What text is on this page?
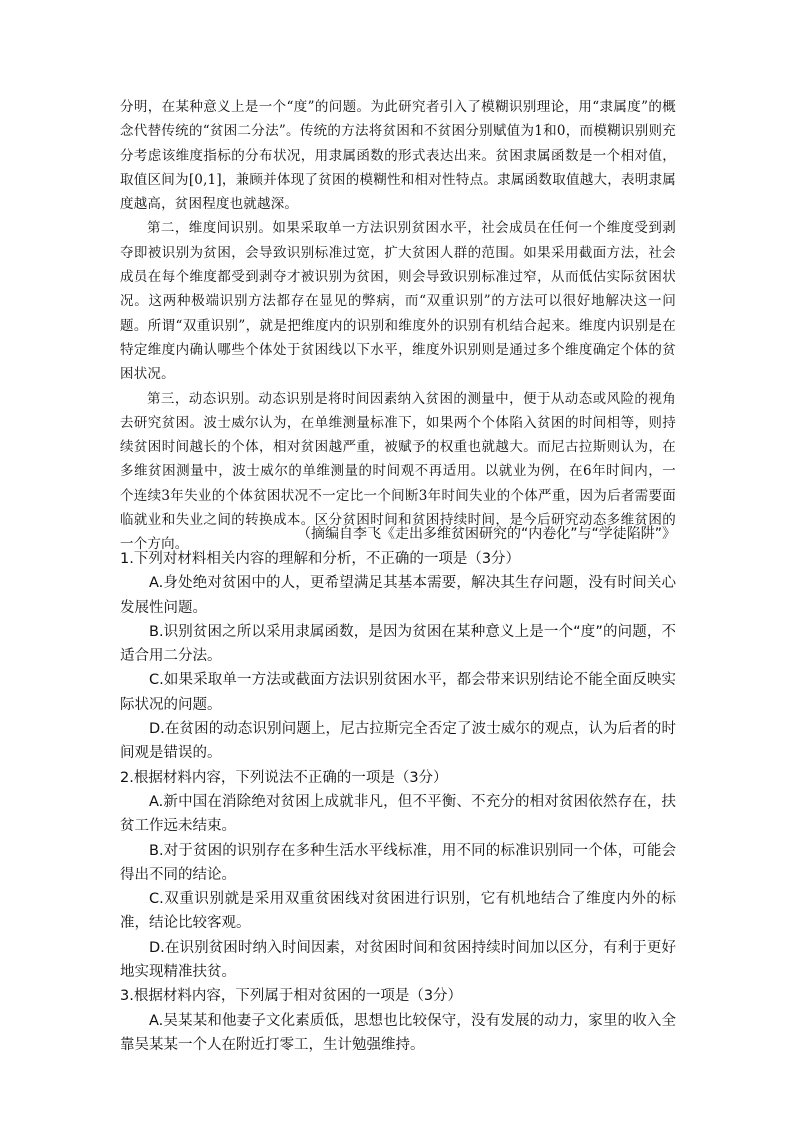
分明，在某种意义上是一个“度”的问题。为此研究者引入了模糊识别理论，用“隶属度”的概念代替传统的“贫困二分法”。传统的方法将贫困和不贫困分别赋值为1和0，而模糊识别则充分考虑该维度指标的分布状况，用隶属函数的形式表达出来。贫困隶属函数是一个相对值，取值区间为[0,1]，兼顾并体现了贫困的模糊性和相对性特点。隶属函数取值越大，表明隶属度越高，贫困程度也就越深。

第二，维度间识别。如果采取单一方法识别贫困水平，社会成员在任何一个维度受到剥夺即被识别为贫困，会导致识别标准过宽，扩大贫困人群的范围。如果采用截面方法，社会成员在每个维度都受到剥夺才被识别为贫困，则会导致识别标准过窄，从而低估实际贫困状况。这两种极端识别方法都存在显见的弊病，而“双重识别”的方法可以很好地解决这一问题。所谓“双重识别”，就是把维度内的识别和维度外的识别有机结合起来。维度内识别是在特定维度内确认哪些个体处于贫困线以下水平，维度外识别则是通过多个维度确定个体的贫困状况。

第三，动态识别。动态识别是将时间因素纳入贫困的测量中，便于从动态或风险的视角去研究贫困。波士威尔认为，在单维测量标准下，如果两个个体陷入贫困的时间相等，则持续贫困时间越长的个体，相对贫困越严重，被赋予的权重也就越大。而尼古拉斯则认为，在多维贫困测量中，波士威尔的单维测量的时间观不再适用。以就业为例，在6年时间内，一个连续3年失业的个体贫困状况不一定比一个间断3年时间失业的个体严重，因为后者需要面临就业和失业之间的转换成本。区分贫困时间和贫困持续时间，是今后研究动态多维贫困的一个方向。

（摘编自李飞《走出多维贫困研究的“内卷化”与“学徒陷阱”》

1.下列对材料相关内容的理解和分析，不正确的一项是（3分）

A.身处绝对贫困中的人，更希望满足其基本需要，解决其生存问题，没有时间关心发展性问题。

B.识别贫困之所以采用隶属函数，是因为贫困在某种意义上是一个“度”的问题，不适合用二分法。

C.如果采取单一方法或截面方法识别贫困水平，都会带来识别结论不能全面反映实际状况的问题。

D.在贫困的动态识别问题上，尼古拉斯完全否定了波士威尔的观点，认为后者的时间观是错误的。

2.根据材料内容，下列说法不正确的一项是（3分）

A.新中国在消除绝对贫困上成就非凡，但不平衡、不充分的相对贫困依然存在，扶贫工作远未结束。

B.对于贫困的识别存在多种生活水平线标准，用不同的标准识别同一个体，可能会得出不同的结论。

C.双重识别就是采用双重贫困线对贫困进行识别，它有机地结合了维度内外的标准，结论比较客观。

D.在识别贫困时纳入时间因素，对贫困时间和贫困持续时间加以区分，有利于更好地实现精准扶贫。

3.根据材料内容，下列属于相对贫困的一项是（3分）

A.吴某某和他妻子文化素质低，思想也比较保守，没有发展的动力，家里的收入全靠吴某某一个人在附近打零工，生计勉强维持。
